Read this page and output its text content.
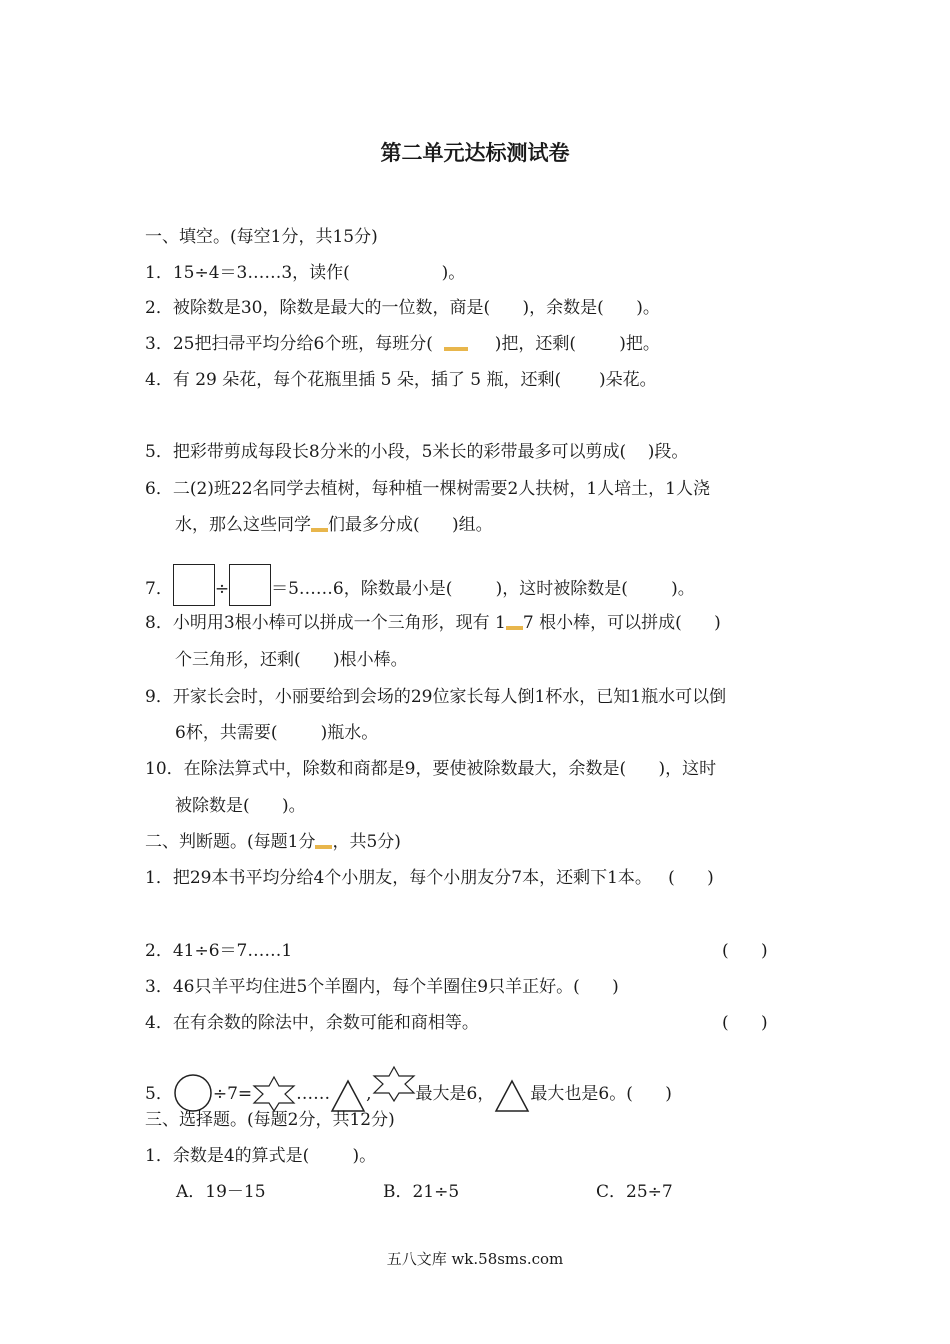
第二单元达标测试卷
一、填空。(每空1分，共15分)
1．15÷4＝3……3，读作(                 )。
2．被除数是30，除数是最大的一位数，商是(      )，余数是(      )。
3．25把扫帚平均分给6个班，每班分(       )把，还剩(        )把。
4．有 29 朵花，每个花瓶里插 5 朵，插了 5 瓶，还剩(       )朵花。
5．把彩带剪成每段长8分米的小段，5米长的彩带最多可以剪成(    )段。
6．二(2)班22名同学去植树，每种植一棵树需要2人扶树，1人培土，1人浇
水，那么这些同学 们最多分成(      )组。
7． ÷ ＝5……6，除数最小是(        )，这时被除数是(        )。
8．小明用3根小棒可以拼成一个三角形，现有 1 7 根小棒，可以拼成(      )
个三角形，还剩(      )根小棒。
9．开家长会时，小丽要给到会场的29位家长每人倒1杯水，已知1瓶水可以倒
6杯，共需要(        )瓶水。
10．在除法算式中，除数和商都是9，要使被除数最大，余数是(      )，这时
被除数是(      )。
二、判断题。(每题1分 ，共5分)
1．把29本书平均分给4个小朋友，每个小朋友分7本，还剩下1本。   (      )
2．41÷6＝7……1	(      )
3．46只羊平均住进5个羊圈内，每个羊圈住9只羊正好。(      )
4．在有余数的除法中，余数可能和商相等。	(      )
5． ÷7=	…… ,	最大是6， 最大也是6。(      )
三、选择题。(每题2分，共12分)
1．余数是4的算式是(        )。
A．19－15	B．21÷5	C．25÷7
五八文库 wk.58sms.com
